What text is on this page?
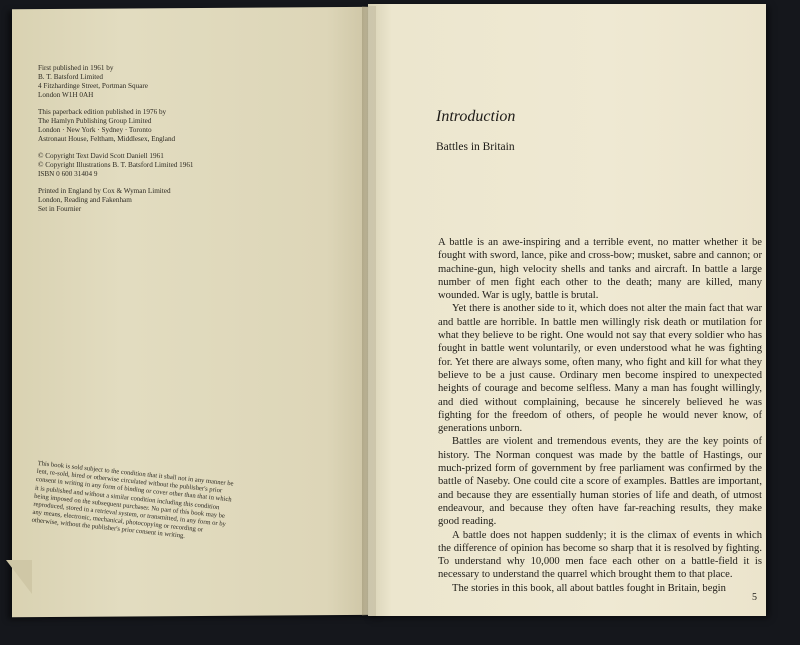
First published in 1961 by
B. T. Batsford Limited
4 Fitzhardinge Street, Portman Square
London W1H 0AH

This paperback edition published in 1976 by
The Hamlyn Publishing Group Limited
London · New York · Sydney · Toronto
Astronaut House, Feltham, Middlesex, England

© Copyright Text David Scott Daniell 1961
© Copyright Illustrations B. T. Batsford Limited 1961
ISBN 0 600 31404 9

Printed in England by Cox & Wyman Limited
London, Reading and Fakenham
Set in Fournier

This book is sold subject to the condition that it shall not in any manner be lent, re-sold, hired or otherwise circulated without the publisher's prior consent in writing in any form of binding or cover other than that in which it is published and without a similar condition including this condition being imposed on the subsequent purchaser. No part of this book may be reproduced, stored in a retrieval system, or transmitted, in any form or by any means, electronic, mechanical, photocopying or recording or otherwise, without the publisher's prior consent in writing.
Introduction
Battles in Britain

A battle is an awe-inspiring and a terrible event, no matter whether it be fought with sword, lance, pike and cross-bow; musket, sabre and cannon; or machine-gun, high velocity shells and tanks and aircraft. In battle a large number of men fight each other to the death; many are killed, many wounded. War is ugly, battle is brutal.

Yet there is another side to it, which does not alter the main fact that war and battle are horrible. In battle men willingly risk death or mutilation for what they believe to be right. One would not say that every soldier who has fought in battle went voluntarily, or even understood what he was fighting for. Yet there are always some, often many, who fight and kill for what they believe to be a just cause. Ordinary men become inspired to unexpected heights of courage and become selfless. Many a man has fought willingly, and died without complaining, because he sincerely believed he was fighting for the freedom of others, of people he would never know, of generations unborn.

Battles are violent and tremendous events, they are the key points of history. The Norman conquest was made by the battle of Hastings, our much-prized form of government by free parliament was confirmed by the battle of Naseby. One could cite a score of examples. Battles are important, and because they are essentially human stories of life and death, of utmost endeavour, and because they often have far-reaching results, they make good reading.

A battle does not happen suddenly; it is the climax of events in which the difference of opinion has become so sharp that it is resolved by fighting. To understand why 10,000 men face each other on a battle-field it is necessary to understand the quarrel which brought them to that place.

The stories in this book, all about battles fought in Britain, begin

5
